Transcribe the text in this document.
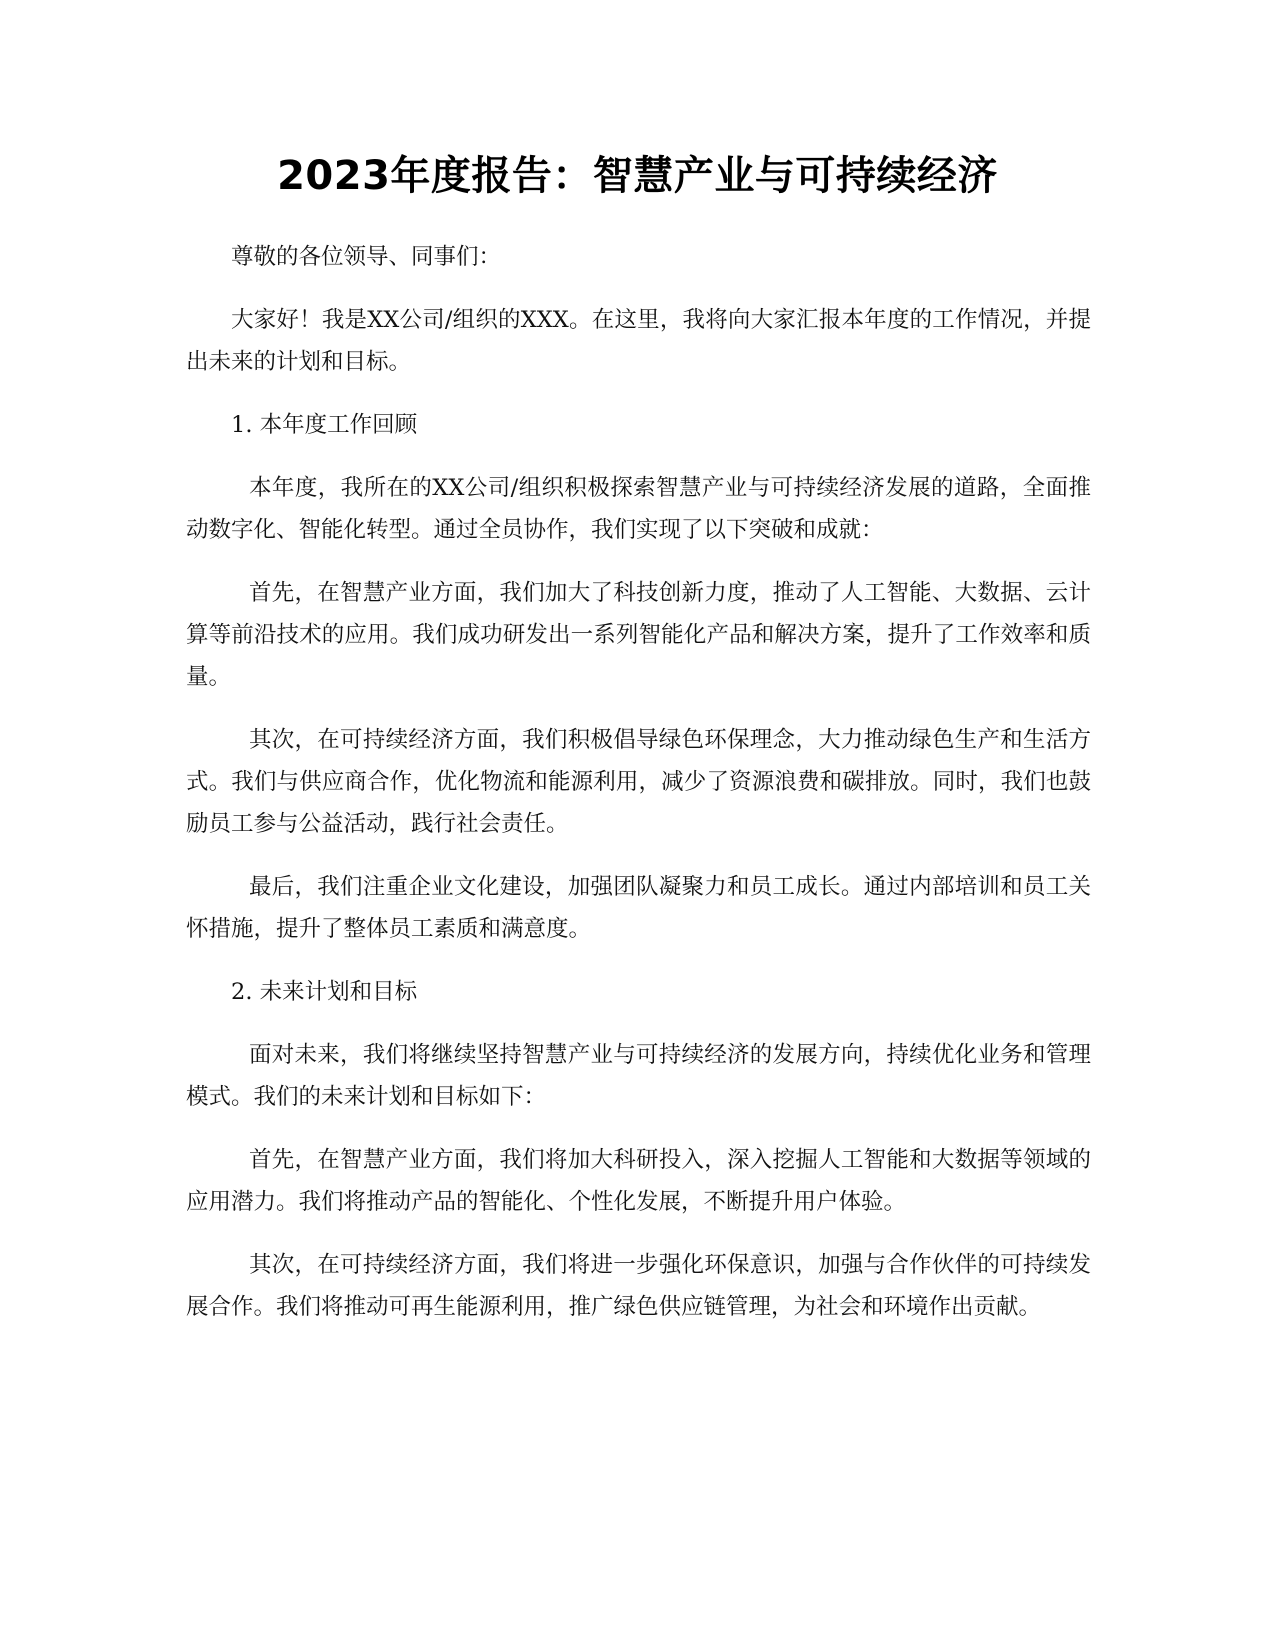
2023年度报告：智慧产业与可持续经济

尊敬的各位领导、同事们：

大家好！我是XX公司/组织的XXX。在这里，我将向大家汇报本年度的工作情况，并提出未来的计划和目标。

1. 本年度工作回顾

本年度，我所在的XX公司/组织积极探索智慧产业与可持续经济发展的道路，全面推动数字化、智能化转型。通过全员协作，我们实现了以下突破和成就：

首先，在智慧产业方面，我们加大了科技创新力度，推动了人工智能、大数据、云计算等前沿技术的应用。我们成功研发出一系列智能化产品和解决方案，提升了工作效率和质量。

其次，在可持续经济方面，我们积极倡导绿色环保理念，大力推动绿色生产和生活方式。我们与供应商合作，优化物流和能源利用，减少了资源浪费和碳排放。同时，我们也鼓励员工参与公益活动，践行社会责任。

最后，我们注重企业文化建设，加强团队凝聚力和员工成长。通过内部培训和员工关怀措施，提升了整体员工素质和满意度。

2. 未来计划和目标

面对未来，我们将继续坚持智慧产业与可持续经济的发展方向，持续优化业务和管理模式。我们的未来计划和目标如下：

首先，在智慧产业方面，我们将加大科研投入，深入挖掘人工智能和大数据等领域的应用潜力。我们将推动产品的智能化、个性化发展，不断提升用户体验。

其次，在可持续经济方面，我们将进一步强化环保意识，加强与合作伙伴的可持续发展合作。我们将推动可再生能源利用，推广绿色供应链管理，为社会和环境作出贡献。
